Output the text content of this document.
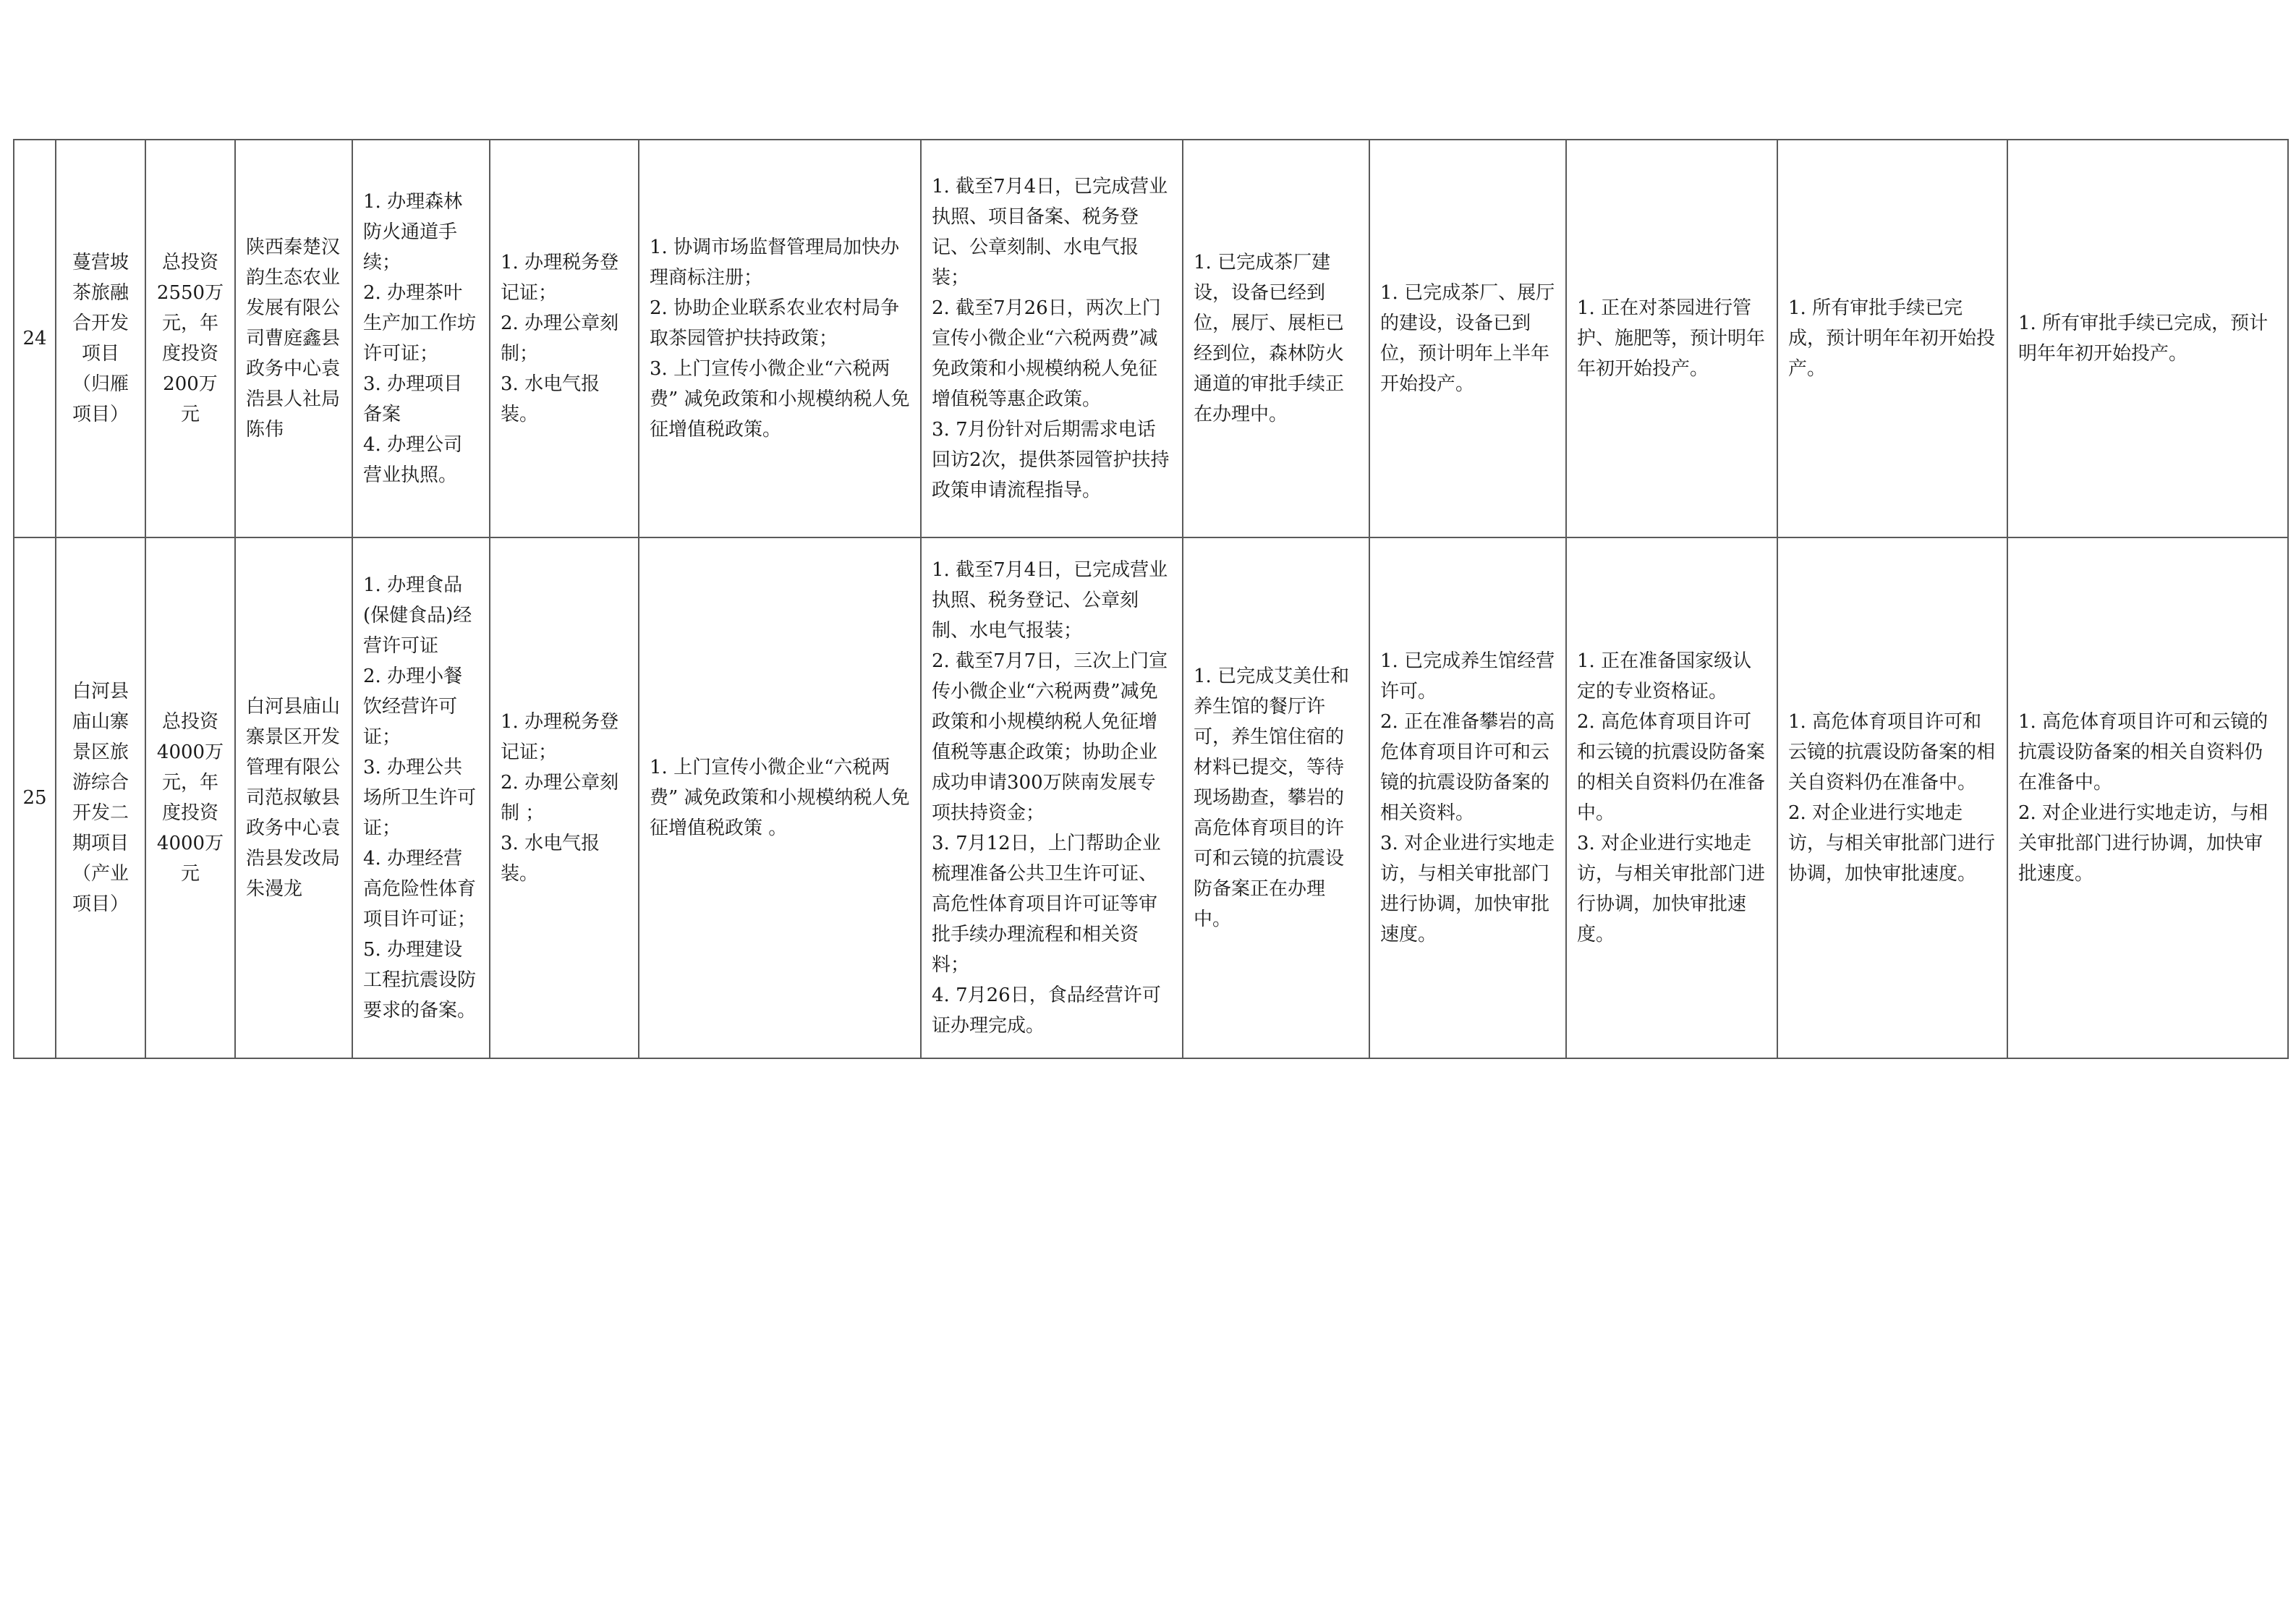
24	蔓营坡茶旅融合开发项目（归雁项目）	总投资2550万元，年度投资200万元	陕西秦楚汉韵生态农业发展有限公司曹庭鑫县政务中心袁浩县人社局陈伟	1. 办理森林防火通道手续；
2. 办理茶叶生产加工作坊许可证；
3. 办理项目备案
4. 办理公司营业执照。	1. 办理税务登记证；
2. 办理公章刻制；
3. 水电气报装。	1. 协调市场监督管理局加快办理商标注册；
2. 协助企业联系农业农村局争取茶园管护扶持政策；
3. 上门宣传小微企业“六税两费” 减免政策和小规模纳税人免征增值税政策。	1. 截至7月4日，已完成营业执照、项目备案、税务登记、公章刻制、水电气报装；
2. 截至7月26日，两次上门宣传小微企业“六税两费”减免政策和小规模纳税人免征增值税等惠企政策。
3. 7月份针对后期需求电话回访2次，提供茶园管护扶持政策申请流程指导。	1. 已完成茶厂建设，设备已经到位，展厅、展柜已经到位，森林防火通道的审批手续正在办理中。	1. 已完成茶厂、展厅的建设，设备已到位，预计明年上半年开始投产。	1. 正在对茶园进行管护、施肥等，预计明年年初开始投产。	1. 所有审批手续已完成，预计明年年初开始投产。	1. 所有审批手续已完成，预计明年年初开始投产。

25	白河县庙山寨景区旅游综合开发二期项目（产业项目）	总投资4000万元，年度投资4000万元	白河县庙山寨景区开发管理有限公司范叔敏县政务中心袁浩县发改局朱漫龙	1. 办理食品(保健食品)经营许可证
2. 办理小餐饮经营许可证；
3. 办理公共场所卫生许可证；
4. 办理经营高危险性体育项目许可证；
5. 办理建设工程抗震设防要求的备案。	1. 办理税务登记证；
2. 办理公章刻制 ；
3. 水电气报装。	1. 上门宣传小微企业“六税两费” 减免政策和小规模纳税人免征增值税政策 。	1. 截至7月4日，已完成营业执照、税务登记、公章刻制、水电气报装；
2. 截至7月7日，三次上门宣传小微企业“六税两费”减免政策和小规模纳税人免征增值税等惠企政策；协助企业成功申请300万陕南发展专项扶持资金；
3. 7月12日，上门帮助企业梳理准备公共卫生许可证、高危性体育项目许可证等审批手续办理流程和相关资料；
4. 7月26日，食品经营许可证办理完成。	1. 已完成艾美仕和养生馆的餐厅许可，养生馆住宿的材料已提交，等待现场勘查，攀岩的高危体育项目的许可和云镜的抗震设防备案正在办理中。	1. 已完成养生馆经营许可。
2. 正在准备攀岩的高危体育项目许可和云镜的抗震设防备案的相关资料。
3. 对企业进行实地走访，与相关审批部门进行协调，加快审批速度。	1. 正在准备国家级认定的专业资格证。
2. 高危体育项目许可和云镜的抗震设防备案的相关自资料仍在准备中。
3. 对企业进行实地走访，与相关审批部门进行协调，加快审批速度。	1. 高危体育项目许可和云镜的抗震设防备案的相关自资料仍在准备中。
2. 对企业进行实地走访，与相关审批部门进行协调，加快审批速度。	1. 高危体育项目许可和云镜的抗震设防备案的相关自资料仍在准备中。
2. 对企业进行实地走访，与相关审批部门进行协调，加快审批速度。
